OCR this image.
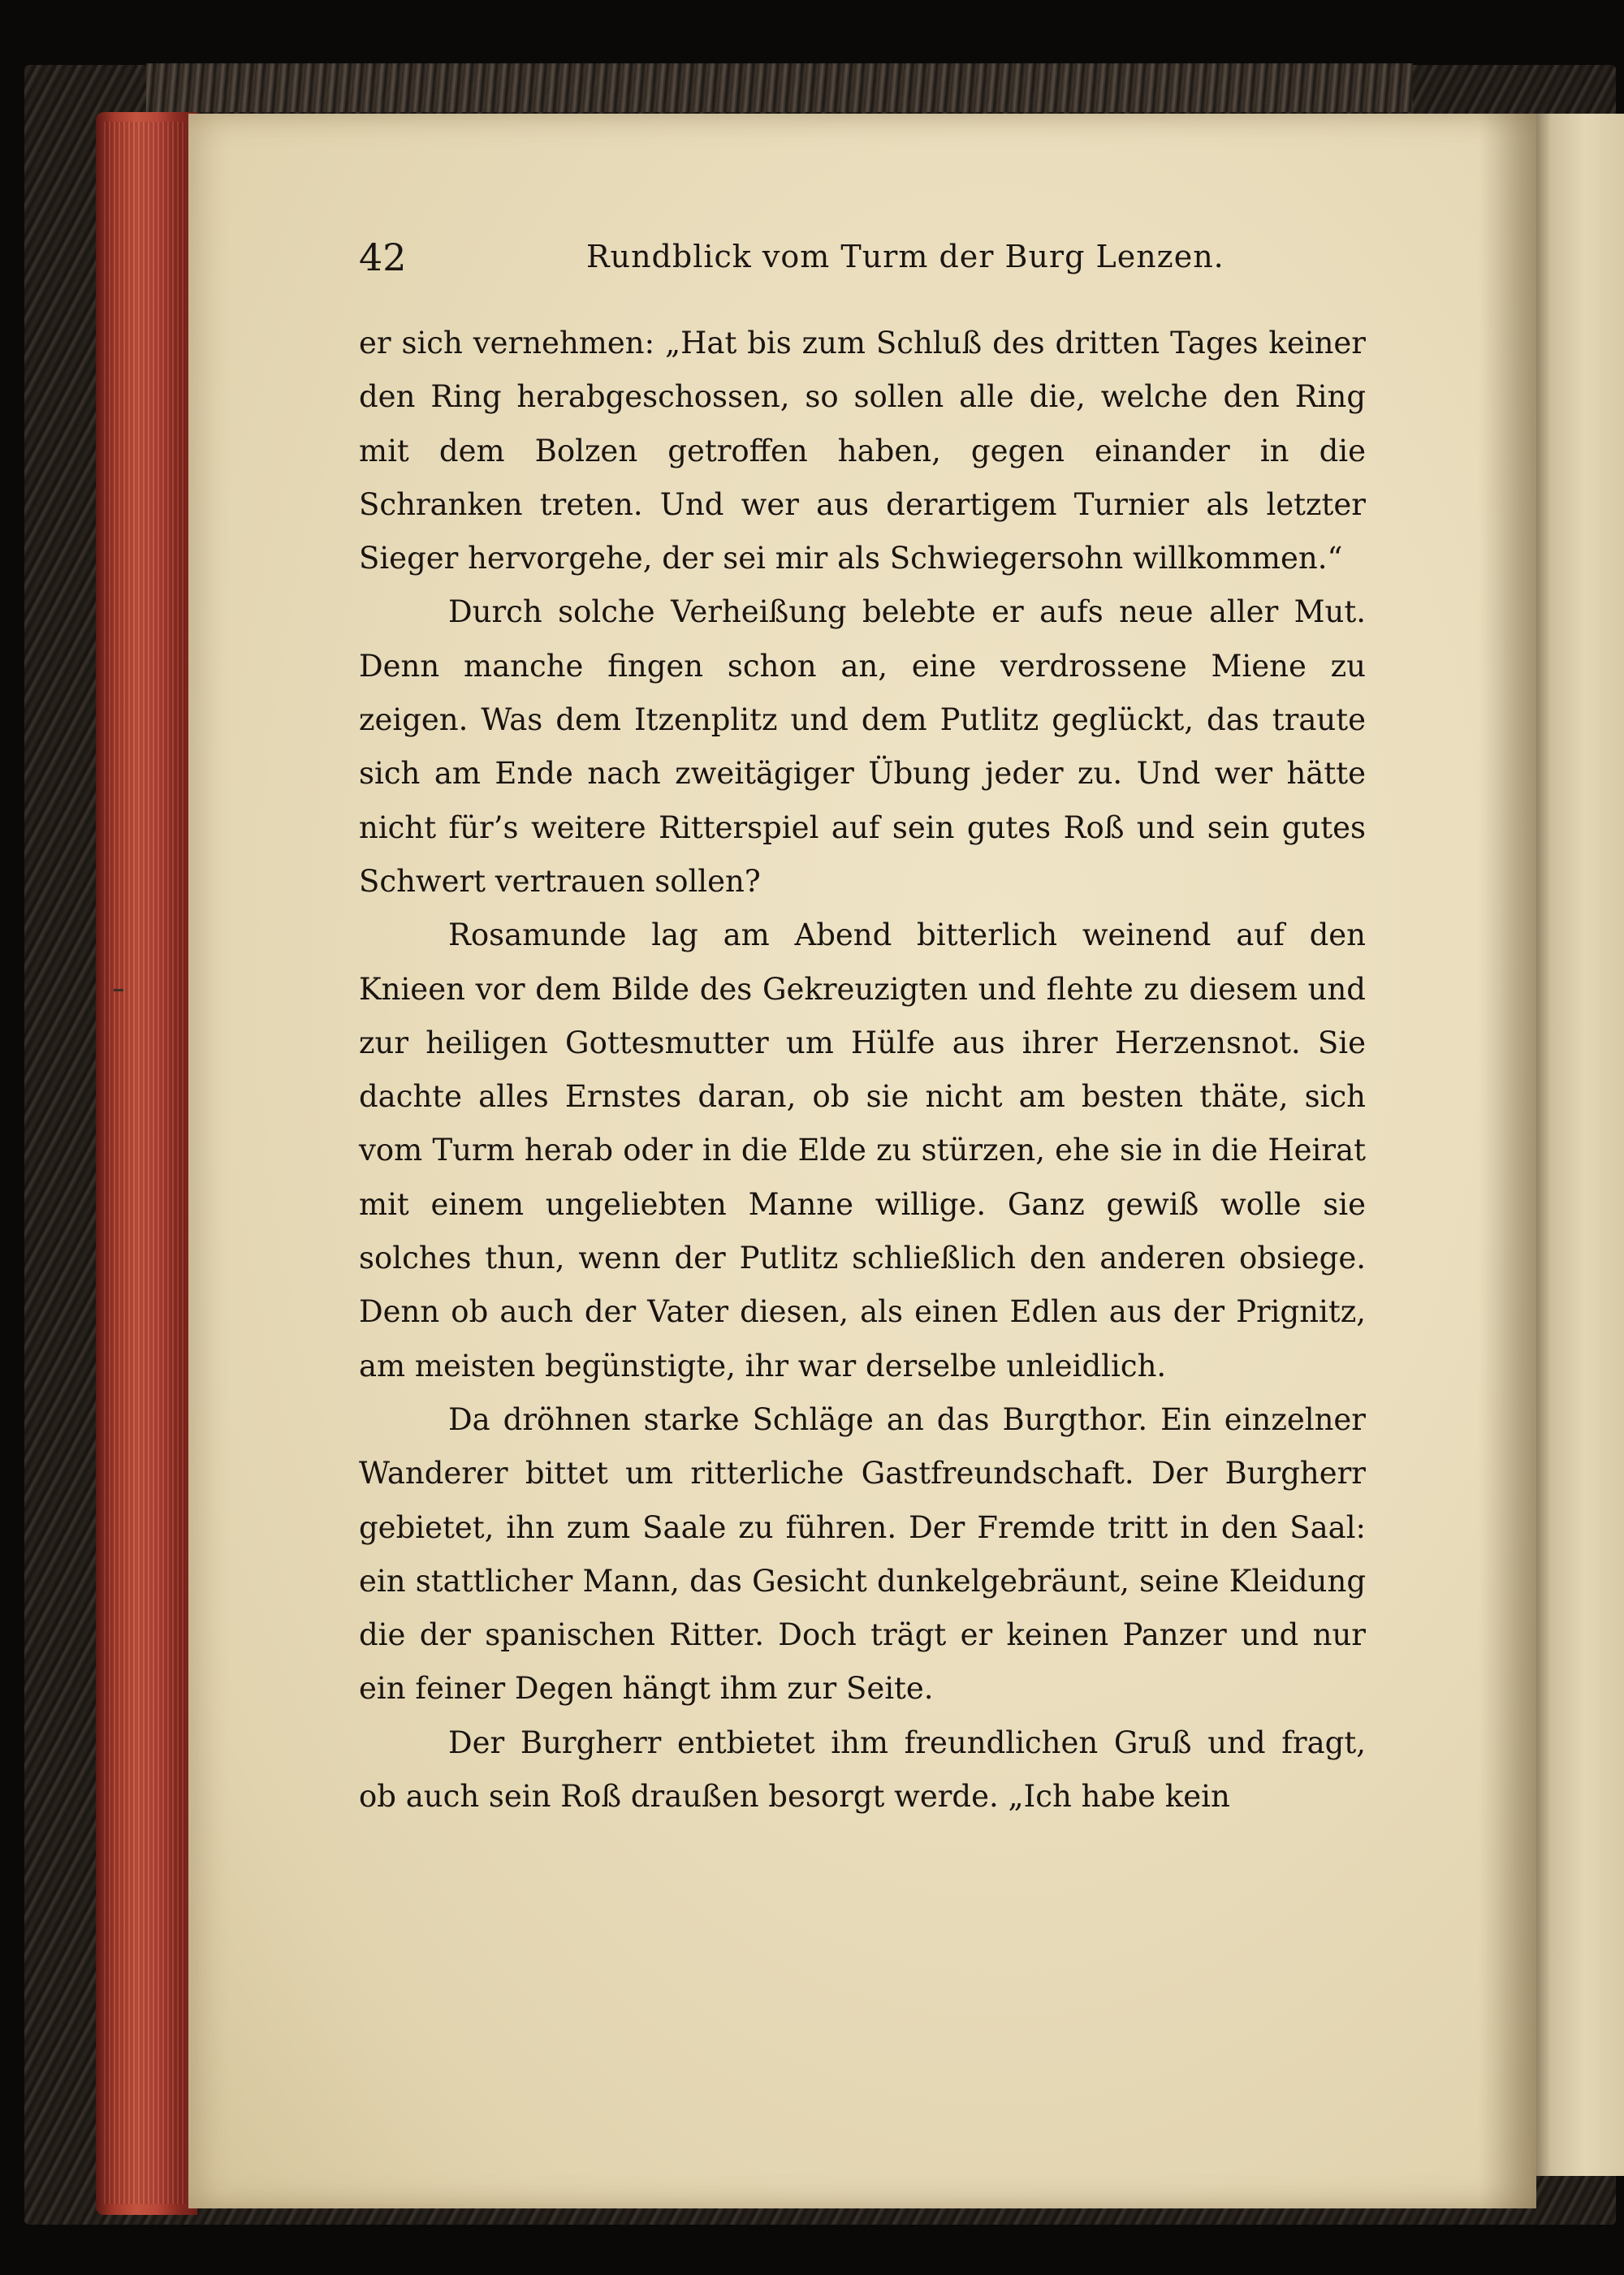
42	Rundblick vom Turm der Burg Lenzen.

er sich vernehmen: „Hat bis zum Schluß des dritten Tages keiner den Ring herabgeschossen, so sollen alle die, welche den Ring mit dem Bolzen getroffen haben, gegen einander in die Schranken treten. Und wer aus derartigem Turnier als letzter Sieger hervorgehe, der sei mir als Schwiegersohn willkommen.“

Durch solche Verheißung belebte er aufs neue aller Mut. Denn manche fingen schon an, eine verdrossene Miene zu zeigen. Was dem Itzenplitz und dem Putlitz geglückt, das traute sich am Ende nach zweitägiger Übung jeder zu. Und wer hätte nicht für’s weitere Ritterspiel auf sein gutes Roß und sein gutes Schwert vertrauen sollen?

Rosamunde lag am Abend bitterlich weinend auf den Knieen vor dem Bilde des Gekreuzigten und flehte zu diesem und zur heiligen Gottesmutter um Hülfe aus ihrer Herzensnot. Sie dachte alles Ernstes daran, ob sie nicht am besten thäte, sich vom Turm herab oder in die Elde zu stürzen, ehe sie in die Heirat mit einem ungeliebten Manne willige. Ganz gewiß wolle sie solches thun, wenn der Putlitz schließlich den anderen obsiege. Denn ob auch der Vater diesen, als einen Edlen aus der Prignitz, am meisten begünstigte, ihr war derselbe unleidlich.

Da dröhnen starke Schläge an das Burgthor. Ein einzelner Wanderer bittet um ritterliche Gastfreundschaft. Der Burgherr gebietet, ihn zum Saale zu führen. Der Fremde tritt in den Saal: ein stattlicher Mann, das Gesicht dunkelgebräunt, seine Kleidung die der spanischen Ritter. Doch trägt er keinen Panzer und nur ein feiner Degen hängt ihm zur Seite.

Der Burgherr entbietet ihm freundlichen Gruß und fragt, ob auch sein Roß draußen besorgt werde. „Ich habe kein
